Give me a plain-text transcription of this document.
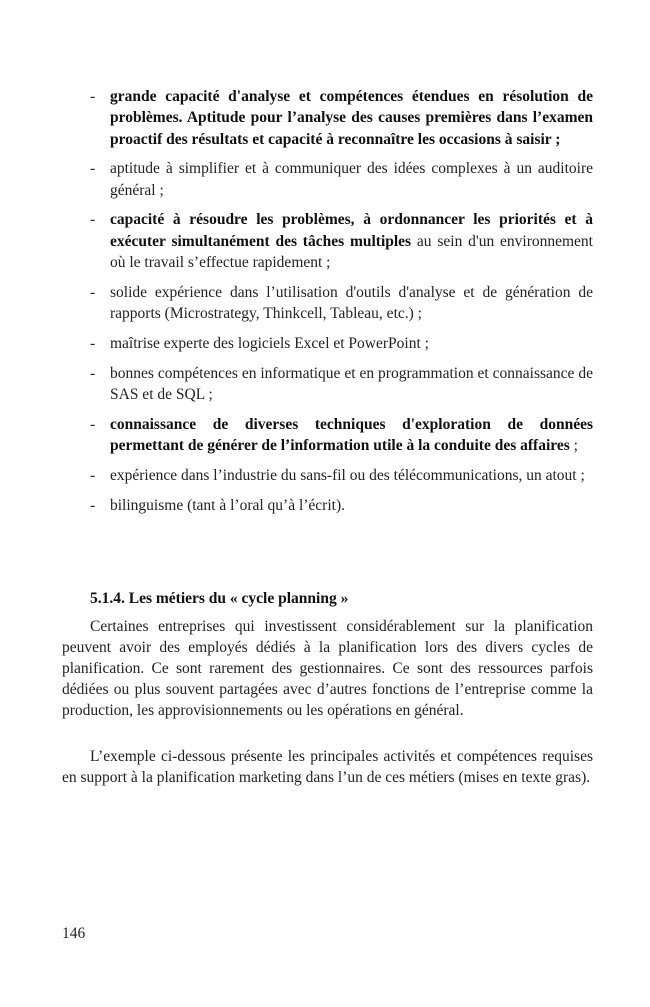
- grande capacité d'analyse et compétences étendues en résolution de problèmes. Aptitude pour l’analyse des causes premières dans l’examen proactif des résultats et capacité à reconnaître les occasions à saisir ;
- aptitude à simplifier et à communiquer des idées complexes à un auditoire général ;
- capacité à résoudre les problèmes, à ordonnancer les priorités et à exécuter simultanément des tâches multiples au sein d'un environnement où le travail s’effectue rapidement ;
- solide expérience dans l’utilisation d'outils d'analyse et de génération de rapports (Microstrategy, Thinkcell, Tableau, etc.) ;
- maîtrise experte des logiciels Excel et PowerPoint ;
- bonnes compétences en informatique et en programmation et connaissance de SAS et de SQL ;
- connaissance de diverses techniques d'exploration de données permettant de générer de l’information utile à la conduite des affaires ;
- expérience dans l’industrie du sans-fil ou des télécommunications, un atout ;
- bilinguisme (tant à l’oral qu’à l’écrit).
5.1.4. Les métiers du « cycle planning »

Certaines entreprises qui investissent considérablement sur la planification peuvent avoir des employés dédiés à la planification lors des divers cycles de planification. Ce sont rarement des gestionnaires. Ce sont des ressources parfois dédiées ou plus souvent partagées avec d’autres fonctions de l’entreprise comme la production, les approvisionnements ou les opérations en général.

L’exemple ci-dessous présente les principales activités et compétences requises en support à la planification marketing dans l’un de ces métiers (mises en texte gras).

146
